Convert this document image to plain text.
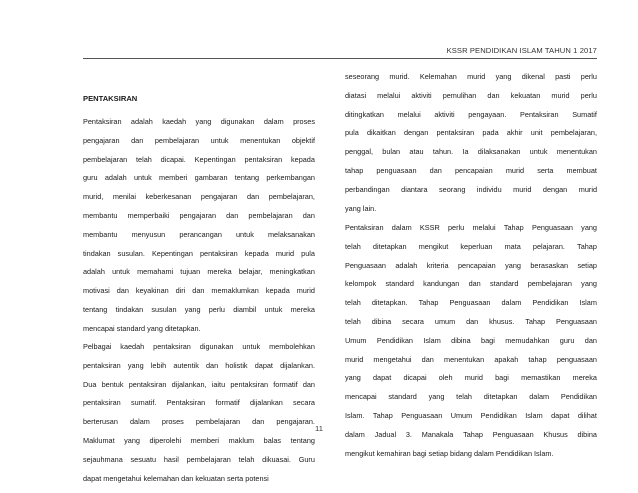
KSSR PENDIDIKAN ISLAM TAHUN 1 2017
PENTAKSIRAN

Pentaksiran adalah kaedah yang digunakan dalam proses
pengajaran dan pembelajaran untuk menentukan objektif
pembelajaran telah dicapai. Kepentingan pentaksiran kepada
guru adalah untuk memberi gambaran tentang perkembangan
murid, menilai keberkesanan pengajaran dan pembelajaran,
membantu memperbaiki pengajaran dan pembelajaran dan
membantu menyusun perancangan untuk melaksanakan
tindakan susulan. Kepentingan pentaksiran kepada murid pula
adalah untuk memahami tujuan mereka belajar, meningkatkan
motivasi dan keyakinan diri dan memaklumkan kepada murid
tentang tindakan susulan yang perlu diambil untuk mereka
mencapai standard yang ditetapkan.

Pelbagai kaedah pentaksiran digunakan untuk membolehkan
pentaksiran yang lebih autentik dan holistik dapat dijalankan.
Dua bentuk pentaksiran dijalankan, iaitu pentaksiran formatif dan
pentaksiran sumatif. Pentaksiran formatif dijalankan secara
berterusan dalam proses pembelajaran dan pengajaran.
Maklumat yang diperolehi memberi maklum balas tentang
sejauhmana sesuatu hasil pembelajaran telah dikuasai. Guru
dapat mengetahui kelemahan dan kekuatan serta potensi

seseorang murid. Kelemahan murid yang dikenal pasti perlu
diatasi melalui aktiviti pemulihan dan kekuatan murid perlu
ditingkatkan melalui aktiviti pengayaan. Pentaksiran Sumatif
pula dikaitkan dengan pentaksiran pada akhir unit pembelajaran,
penggal, bulan atau tahun. Ia dilaksanakan untuk menentukan
tahap penguasaan dan pencapaian murid serta membuat
perbandingan diantara seorang individu murid dengan murid
yang lain.

Pentaksiran dalam KSSR perlu melalui Tahap Penguasaan yang
telah ditetapkan mengikut keperluan mata pelajaran. Tahap
Penguasaan adalah kriteria pencapaian yang berasaskan setiap
kelompok standard kandungan dan standard pembelajaran yang
telah ditetapkan. Tahap Penguasaan dalam Pendidikan Islam
telah dibina secara umum dan khusus. Tahap Penguasaan
Umum Pendidikan Islam dibina bagi memudahkan guru dan
murid mengetahui dan menentukan apakah tahap penguasaan
yang dapat dicapai oleh murid bagi memastikan mereka
mencapai standard yang telah ditetapkan dalam Pendidikan
Islam. Tahap Penguasaan Umum Pendidikan Islam dapat dilihat
dalam Jadual 3. Manakala Tahap Penguasaan Khusus dibina
mengikut kemahiran bagi setiap bidang dalam Pendidikan Islam.

11
